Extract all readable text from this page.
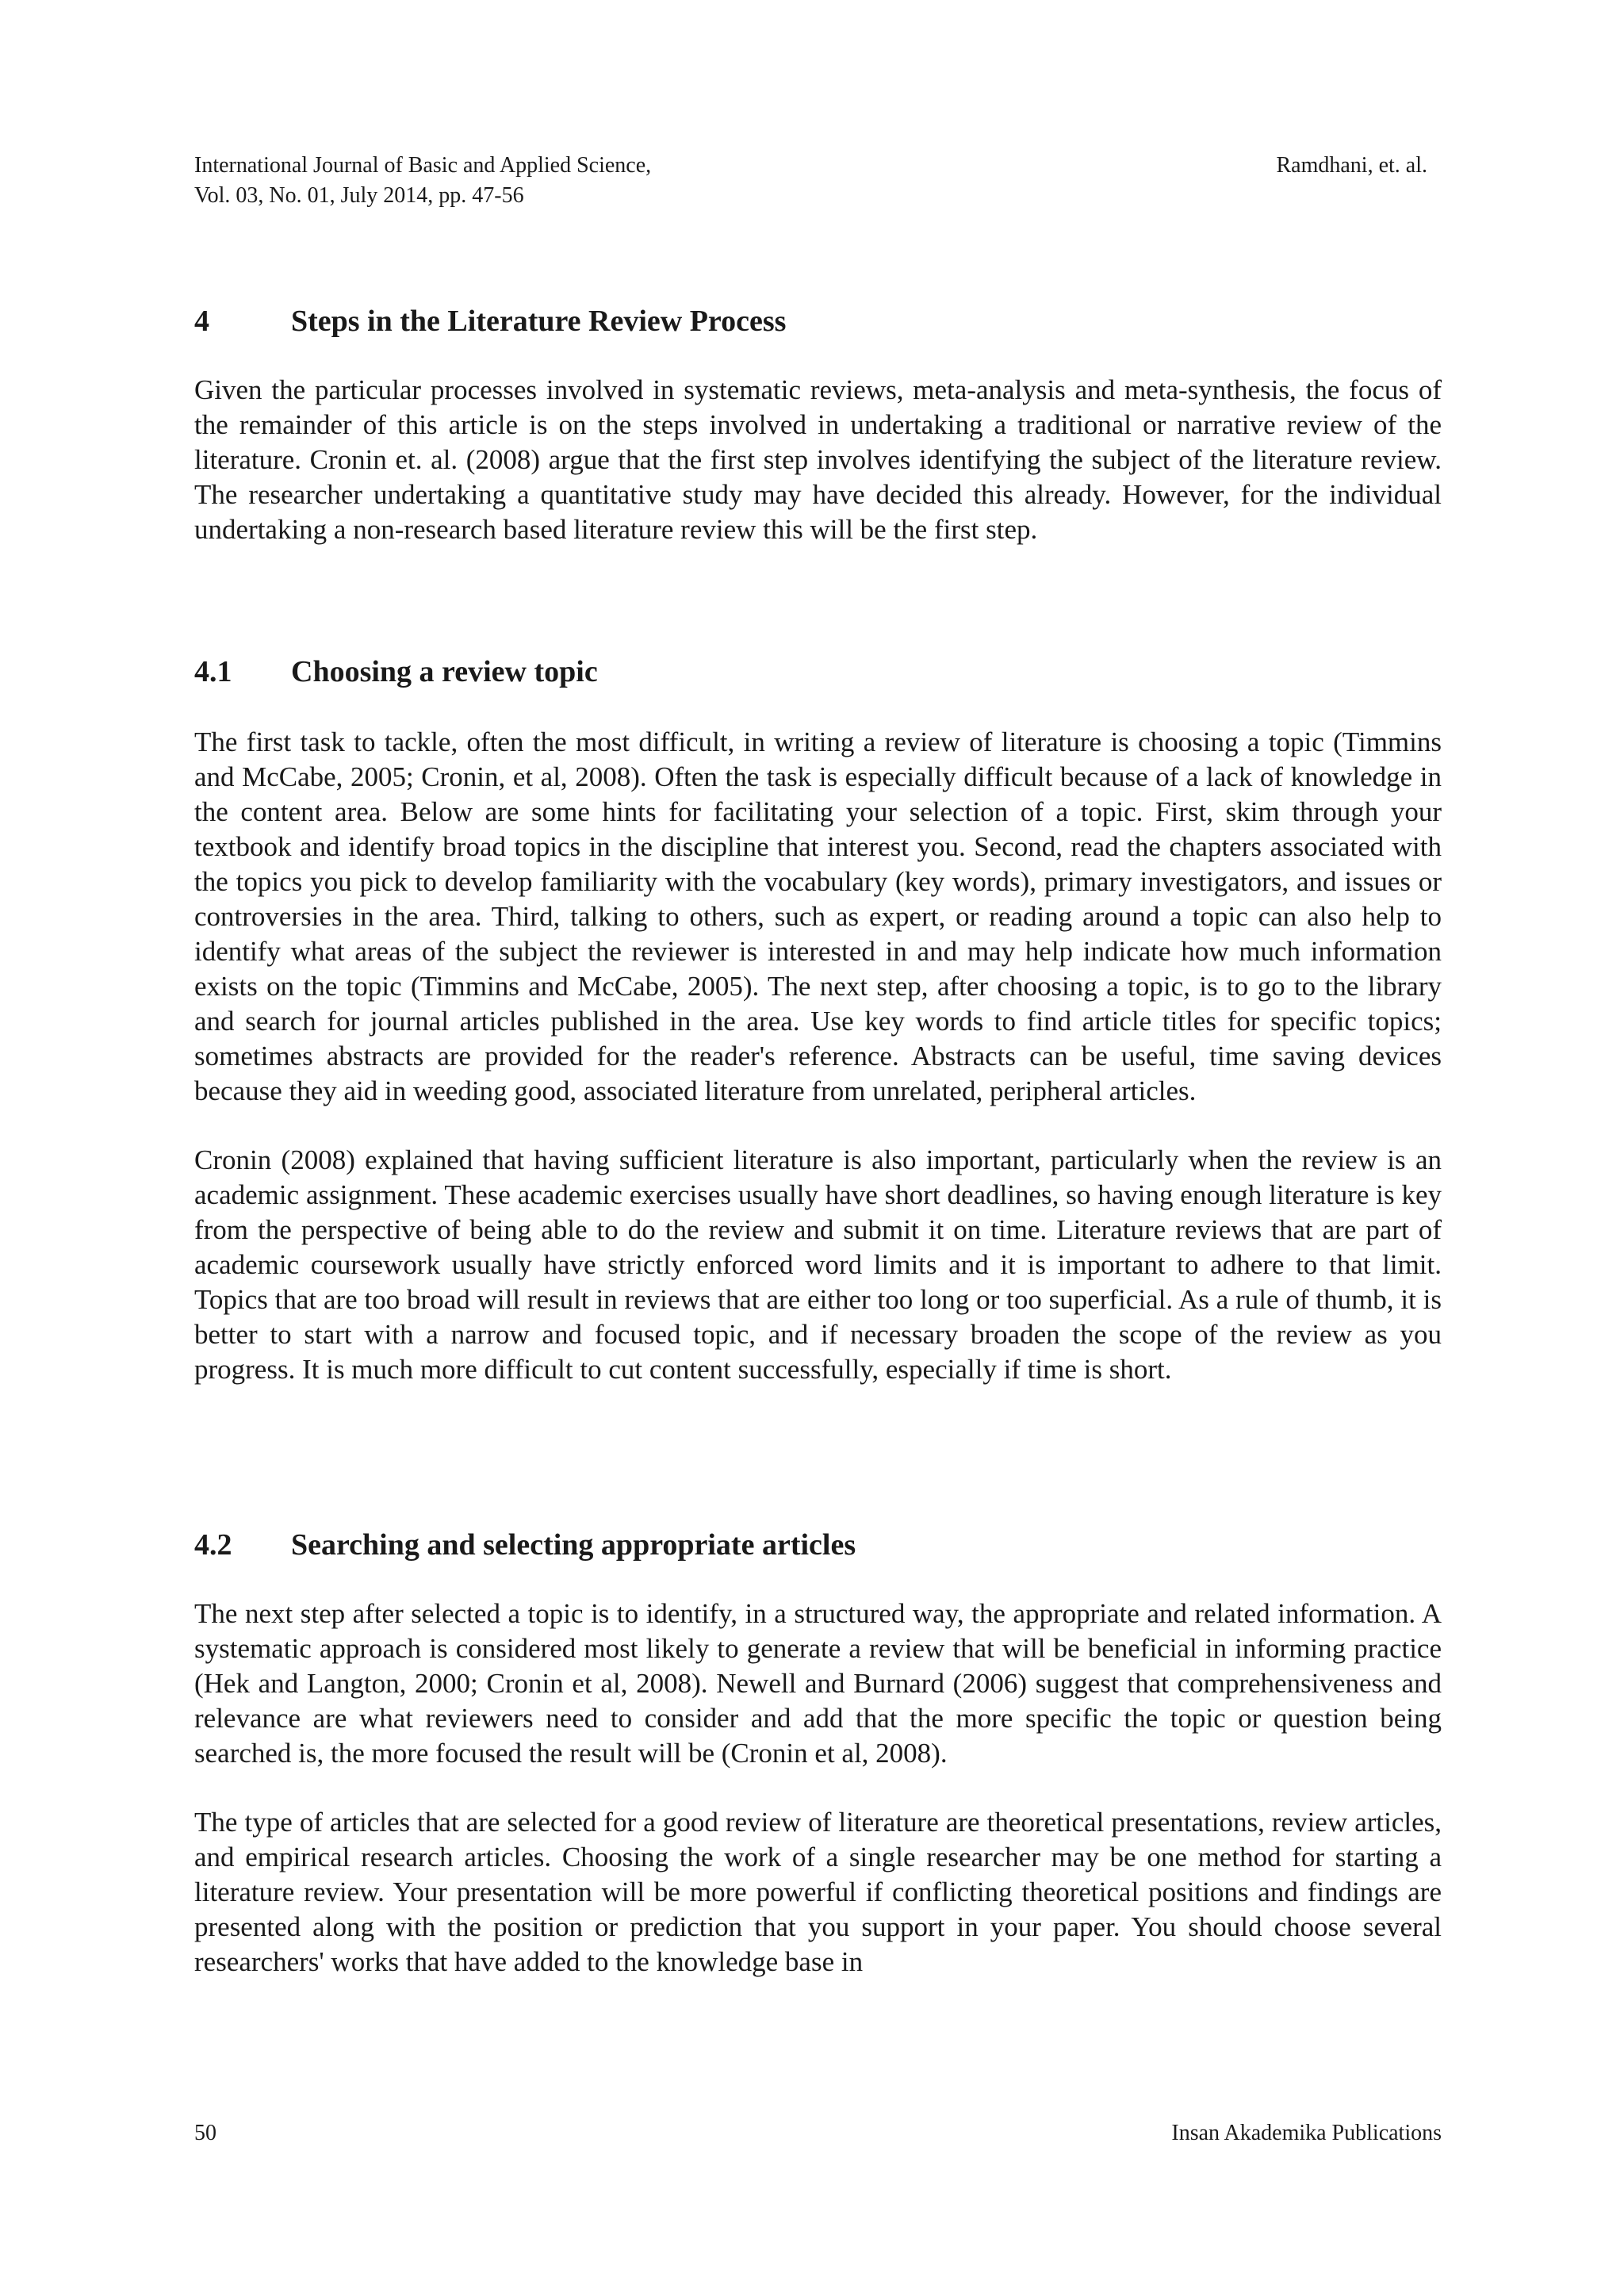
International Journal of Basic and Applied Science,
Vol. 03, No. 01, July 2014, pp. 47-56
Ramdhani, et. al.
4	Steps in the Literature Review Process

Given the particular processes involved in systematic reviews, meta-analysis and meta-synthesis, the focus of the remainder of this article is on the steps involved in undertaking a traditional or narrative review of the literature. Cronin et. al. (2008) argue that the first step involves identifying the subject of the literature review. The researcher undertaking a quantitative study may have decided this already. However, for the individual undertaking a non-research based literature review this will be the first step.

4.1	Choosing a review topic

The first task to tackle, often the most difficult, in writing a review of literature is choosing a topic (Timmins and McCabe, 2005; Cronin, et al, 2008). Often the task is especially difficult because of a lack of knowledge in the content area. Below are some hints for facilitating your selection of a topic. First, skim through your textbook and identify broad topics in the discipline that interest you. Second, read the chapters associated with the topics you pick to develop familiarity with the vocabulary (key words), primary investigators, and issues or controversies in the area. Third, talking to others, such as expert, or reading around a topic can also help to identify what areas of the subject the reviewer is interested in and may help indicate how much information exists on the topic (Timmins and McCabe, 2005). The next step, after choosing a topic, is to go to the library and search for journal articles published in the area. Use key words to find article titles for specific topics; sometimes abstracts are provided for the reader's reference. Abstracts can be useful, time saving devices because they aid in weeding good, associated literature from unrelated, peripheral articles.

Cronin (2008) explained that having sufficient literature is also important, particularly when the review is an academic assignment. These academic exercises usually have short deadlines, so having enough literature is key from the perspective of being able to do the review and submit it on time. Literature reviews that are part of academic coursework usually have strictly enforced word limits and it is important to adhere to that limit. Topics that are too broad will result in reviews that are either too long or too superficial. As a rule of thumb, it is better to start with a narrow and focused topic, and if necessary broaden the scope of the review as you progress. It is much more difficult to cut content successfully, especially if time is short.

4.2	Searching and selecting appropriate articles

The next step after selected a topic is to identify, in a structured way, the appropriate and related information. A systematic approach is considered most likely to generate a review that will be beneficial in informing practice (Hek and Langton, 2000; Cronin et al, 2008). Newell and Burnard (2006) suggest that comprehensiveness and relevance are what reviewers need to consider and add that the more specific the topic or question being searched is, the more focused the result will be (Cronin et al, 2008).

The type of articles that are selected for a good review of literature are theoretical presentations, review articles, and empirical research articles. Choosing the work of a single researcher may be one method for starting a literature review. Your presentation will be more powerful if conflicting theoretical positions and findings are presented along with the position or prediction that you support in your paper. You should choose several researchers' works that have added to the knowledge base in

50	Insan Akademika Publications
